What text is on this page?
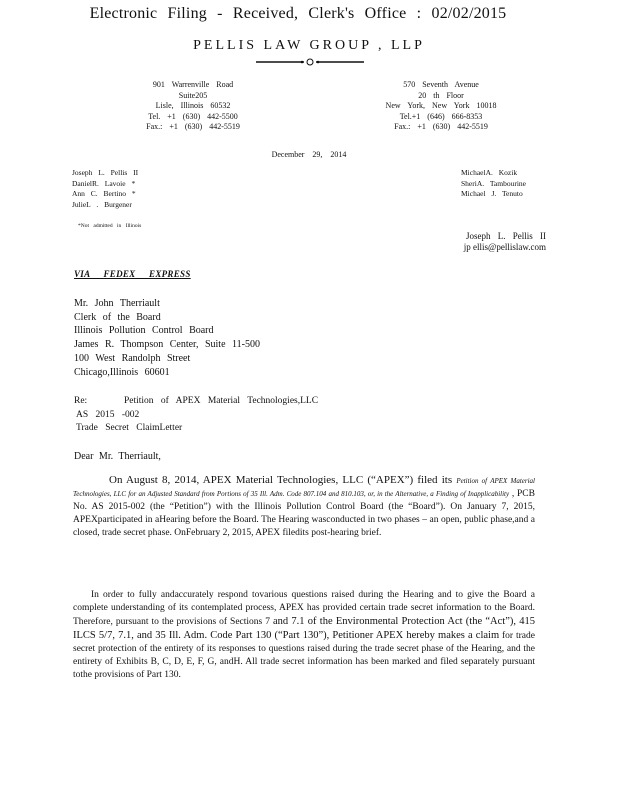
Electronic Filing - Received, Clerk's Office : 02/02/2015
PELLIS LAW GROUP , LLP
901 Warrenville Road
Suite205
Lisle, Illinois 60532
Tel. +1 (630) 442-5500
Fax.: +1 (630) 442-5519
570 Seventh Avenue
20 th Floor
New York, New York 10018
Tel.+1 (646) 666-8353
Fax.: +1 (630) 442-5519
December 29, 2014
Joseph L. Pellis II
DanielR. Lavoie *
Ann C. Bertino *
JulieL . Burgener
MichaelA. Kozik
SheriA. Tambourine
Michael J. Tenuto
*Not admitted in Illinois
Joseph L. Pellis II
jp ellis@pellislaw.com
VIA FEDEX EXPRESS
Mr. John Therriault
Clerk of the Board
Illinois Pollution Control Board
James R. Thompson Center, Suite 11-500
100 West Randolph Street
Chicago,Illinois 60601
Re:	Petition of APEX Material Technologies,LLC
AS 2015 -002
Trade Secret ClaimLetter
Dear Mr. Therriault,
On August 8, 2014, APEX Material Technologies, LLC (“APEX”) filed its Petition of APEX Material Technologies, LLC for an Adjusted Standard from Portions of 35 Ill. Adm. Code 807.104 and 810.103, or, in the Alternative, a Finding of Inapplicability , PCB No. AS 2015-002 (the “Petition”) with the Illinois Pollution Control Board (the “Board”). On January 7, 2015, APEXparticipated in aHearing before the Board. The Hearing wasconducted in two phases – an open, public phase,and a closed, trade secret phase. OnFebruary 2, 2015, APEX filedits post-hearing brief.
In order to fully andaccurately respond tovarious questions raised during the Hearing and to give the Board a complete understanding of its contemplated process, APEX has provided certain trade secret information to the Board. Therefore, pursuant to the provisions of Sections 7 and 7.1 of the Environmental Protection Act (the “Act”), 415 ILCS 5/7, 7.1, and 35 Ill. Adm. Code Part 130 (“Part 130”), Petitioner APEX hereby makes a claim for trade secret protection of the entirety of its responses to questions raised during the trade secret phase of the Hearing, and the entirety of Exhibits B, C, D, E, F, G, andH. All trade secret information has been marked and filed separately pursuant tothe provisions of Part 130.
